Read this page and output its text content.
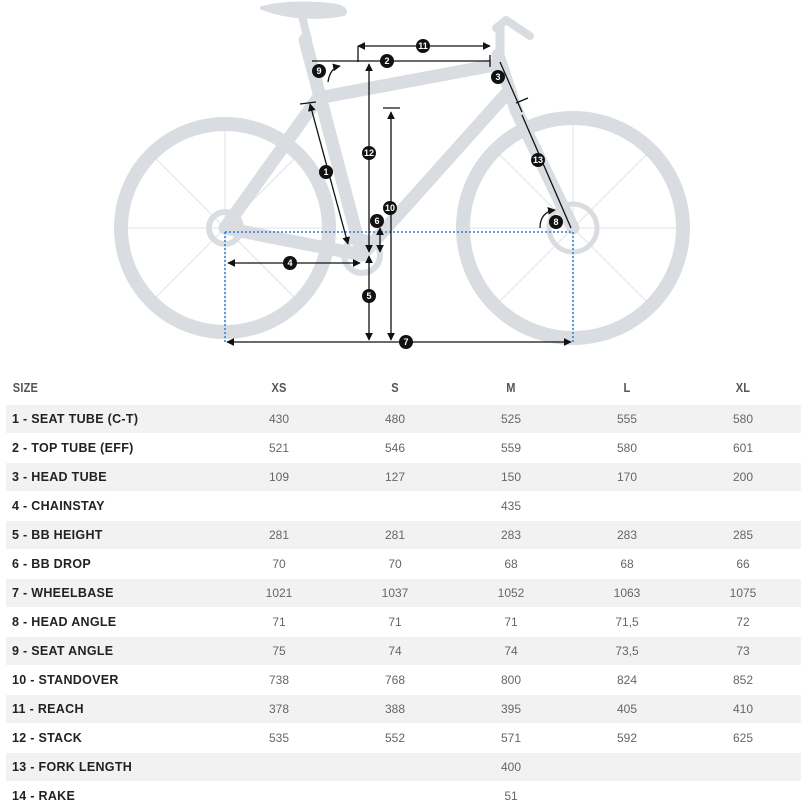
1
2
3
4
5
6
7
8
9
10
11
12
13
SIZE	XS	S	M	L	XL
1 - SEAT TUBE (C-T)	430	480	525	555	580
2 - TOP TUBE (EFF)	521	546	559	580	601
3 - HEAD TUBE	109	127	150	170	200
4 - CHAINSTAY			435		
5 - BB HEIGHT	281	281	283	283	285
6 - BB DROP	70	70	68	68	66
7 - WHEELBASE	1021	1037	1052	1063	1075
8 - HEAD ANGLE	71	71	71	71,5	72
9 - SEAT ANGLE	75	74	74	73,5	73
10 - STANDOVER	738	768	800	824	852
11 - REACH	378	388	395	405	410
12 - STACK	535	552	571	592	625
13 - FORK LENGTH			400		
14 - RAKE			51		
